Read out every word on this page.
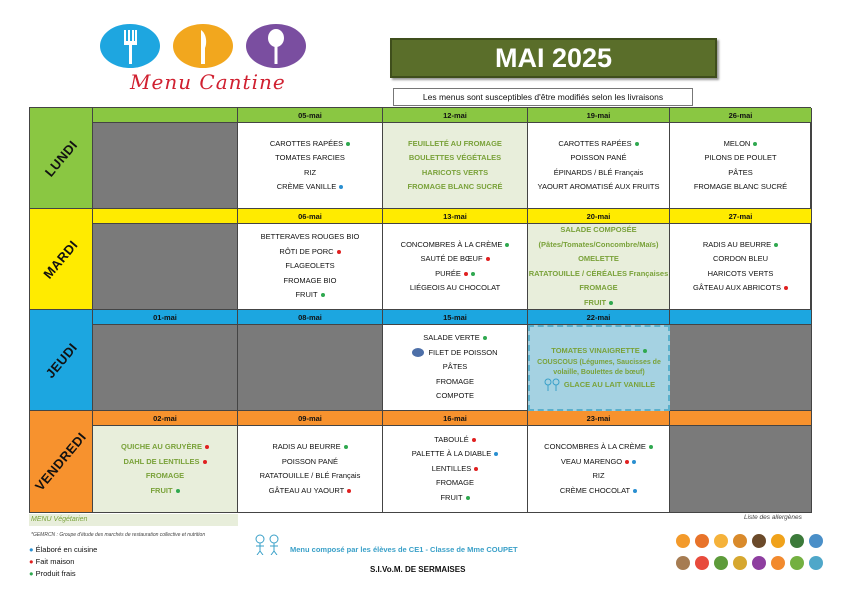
Menu Cantine
MAI 2025
Les menus sont susceptibles d'être modifiés selon les livraisons
LUNDI
05-mai
CAROTTES RAPÉES
TOMATES FARCIES
RIZ
CRÈME VANILLE
12-mai
FEUILLETÉ AU FROMAGE
BOULETTES VÉGÉTALES
HARICOTS VERTS
FROMAGE BLANC SUCRÉ
19-mai
CAROTTES RAPÉES
POISSON PANÉ
ÉPINARDS / BLÉ Français
YAOURT AROMATISÉ AUX FRUITS
26-mai
MELON
PILONS DE POULET
PÂTES
FROMAGE BLANC SUCRÉ
MARDI
06-mai
BETTERAVES ROUGES BIO
RÔTI DE PORC
FLAGEOLETS
FROMAGE BIO
FRUIT
13-mai
CONCOMBRES À LA CRÈME
SAUTÉ DE BŒUF
PURÉE
LIÉGEOIS AU CHOCOLAT
20-mai
SALADE COMPOSÉE
(Pâtes/Tomates/Concombre/Maïs)
OMELETTE
RATATOUILLE / CÉRÉALES Françaises
FROMAGE
FRUIT
27-mai
RADIS AU BEURRE
CORDON BLEU
HARICOTS VERTS
GÂTEAU AUX ABRICOTS
JEUDI
01-mai	08-mai	15-mai
SALADE VERTE
FILET DE POISSON
PÂTES
FROMAGE
COMPOTE
22-mai
TOMATES VINAIGRETTE
COUSCOUS (Légumes, Saucisses de volaille, Boulettes de bœuf)
GLACE AU LAIT VANILLE
VENDREDI
02-mai
QUICHE AU GRUYÈRE
DAHL DE LENTILLES
FROMAGE
FRUIT
09-mai
RADIS AU BEURRE
POISSON PANÉ
RATATOUILLE / BLÉ Français
GÂTEAU AU YAOURT
16-mai
TABOULÉ
PALETTE À LA DIABLE
LENTILLES
FROMAGE
FRUIT
23-mai
CONCOMBRES À LA CRÈME
VEAU MARENGO
RIZ
CRÈME CHOCOLAT
MENU Végétarien
*GEMRCN : Groupe d'étude des marchés de restauration collective et nutrition
● Élaboré en cuisine
● Fait maison
● Produit frais
Liste des allergènes
Menu composé par les élèves de CE1 - Classe de Mme COUPET
S.I.Vo.M. DE SERMAISES
